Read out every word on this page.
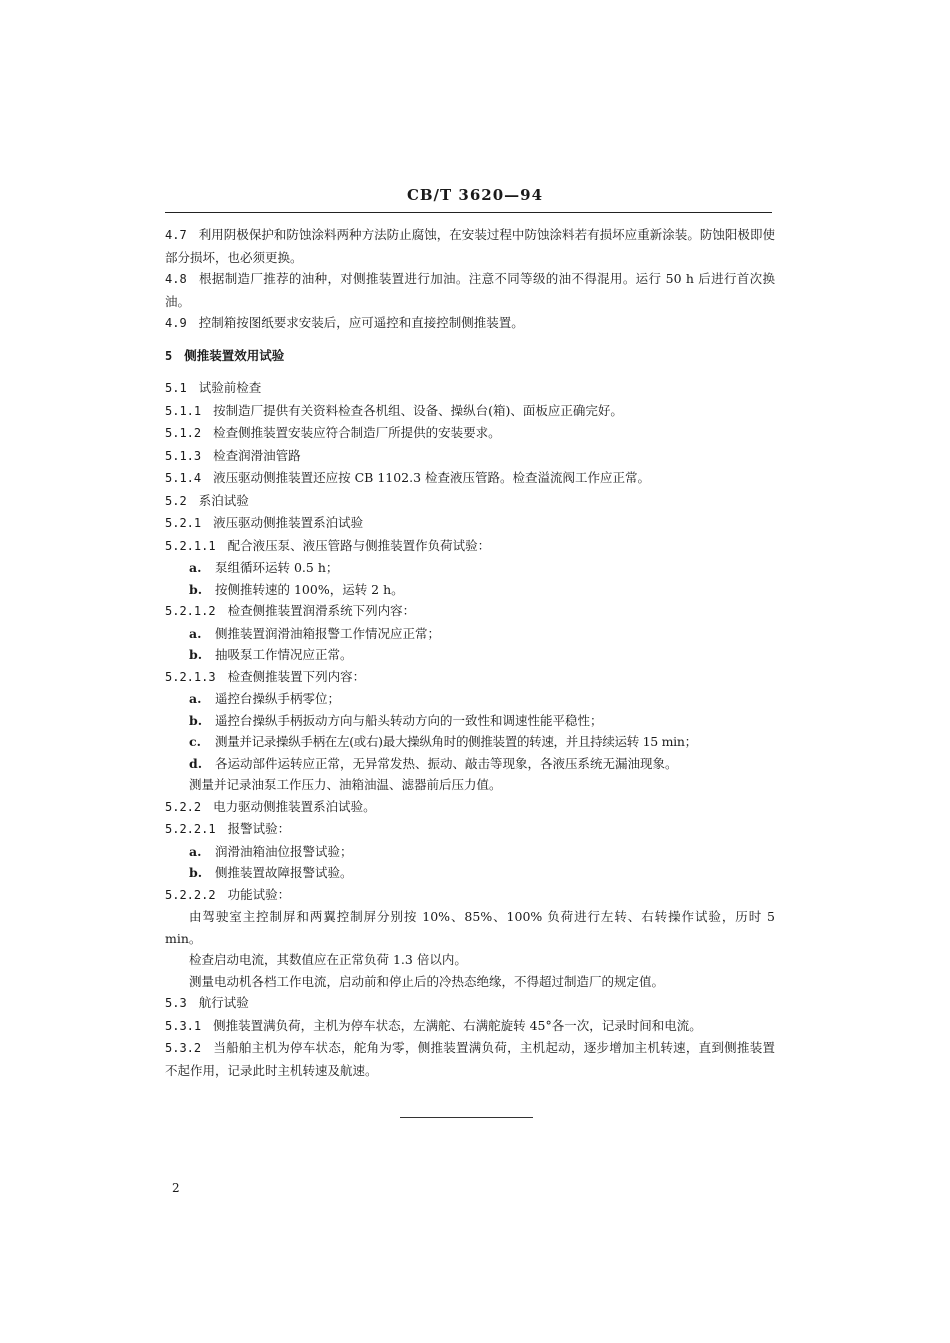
CB/T 3620—94
4.7 利用阴极保护和防蚀涂料两种方法防止腐蚀，在安装过程中防蚀涂料若有损坏应重新涂装。防蚀阳极即使部分损坏，也必须更换。
4.8 根据制造厂推荐的油种，对侧推装置进行加油。注意不同等级的油不得混用。运行 50 h 后进行首次换油。
4.9 控制箱按图纸要求安装后，应可遥控和直接控制侧推装置。
5 侧推装置效用试验
5.1 试验前检查
5.1.1 按制造厂提供有关资料检查各机组、设备、操纵台(箱)、面板应正确完好。
5.1.2 检查侧推装置安装应符合制造厂所提供的安装要求。
5.1.3 检查润滑油管路
5.1.4 液压驱动侧推装置还应按 CB 1102.3 检查液压管路。检查溢流阀工作应正常。
5.2 系泊试验
5.2.1 液压驱动侧推装置系泊试验
5.2.1.1 配合液压泵、液压管路与侧推装置作负荷试验：
a. 泵组循环运转 0.5 h；
b. 按侧推转速的 100%，运转 2 h。
5.2.1.2 检查侧推装置润滑系统下列内容：
a. 侧推装置润滑油箱报警工作情况应正常；
b. 抽吸泵工作情况应正常。
5.2.1.3 检查侧推装置下列内容：
a. 遥控台操纵手柄零位；
b. 遥控台操纵手柄扳动方向与船头转动方向的一致性和调速性能平稳性；
c. 测量并记录操纵手柄在左(或右)最大操纵角时的侧推装置的转速，并且持续运转 15 min；
d. 各运动部件运转应正常，无异常发热、振动、敲击等现象，各液压系统无漏油现象。
测量并记录油泵工作压力、油箱油温、滤器前后压力值。
5.2.2 电力驱动侧推装置系泊试验。
5.2.2.1 报警试验：
a. 润滑油箱油位报警试验；
b. 侧推装置故障报警试验。
5.2.2.2 功能试验：
由驾驶室主控制屏和两翼控制屏分别按 10%、85%、100% 负荷进行左转、右转操作试验，历时 5 min。
检查启动电流，其数值应在正常负荷 1.3 倍以内。
测量电动机各档工作电流，启动前和停止后的冷热态绝缘，不得超过制造厂的规定值。
5.3 航行试验
5.3.1 侧推装置满负荷，主机为停车状态，左满舵、右满舵旋转 45°各一次，记录时间和电流。
5.3.2 当船舶主机为停车状态，舵角为零，侧推装置满负荷，主机起动，逐步增加主机转速，直到侧推装置不起作用，记录此时主机转速及航速。
2
